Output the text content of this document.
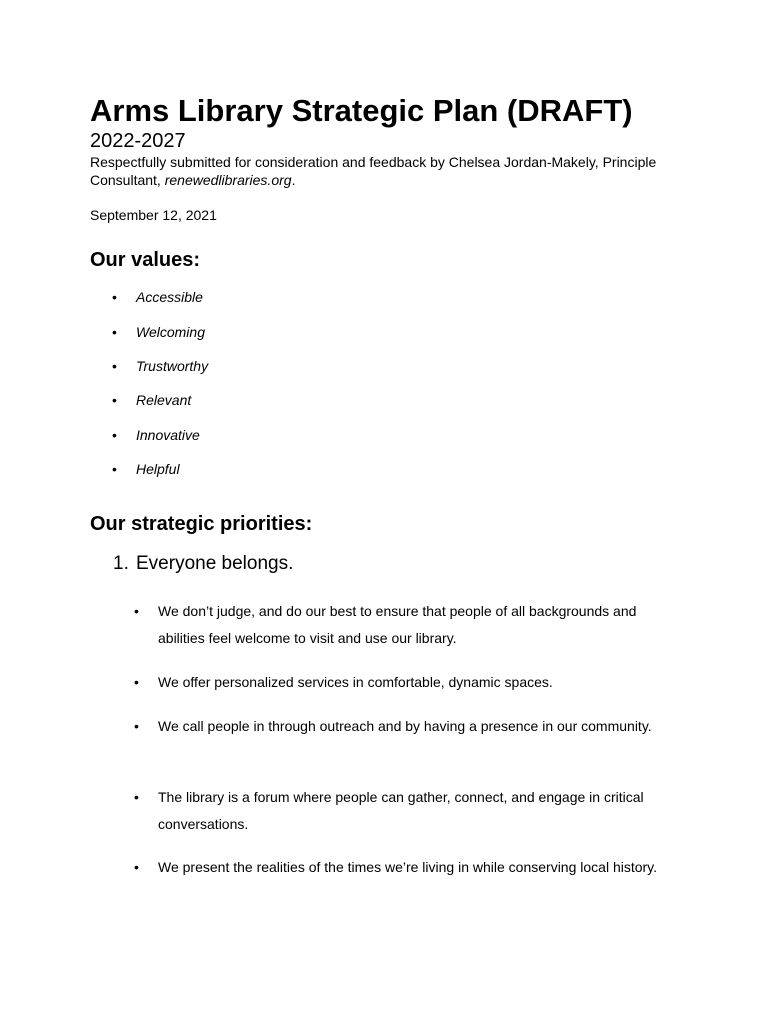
Arms Library Strategic Plan (DRAFT)
2022-2027
Respectfully submitted for consideration and feedback by Chelsea Jordan-Makely, Principle Consultant, renewedlibraries.org.
September 12, 2021
Our values:
• Accessible
• Welcoming
• Trustworthy
• Relevant
• Innovative
• Helpful
Our strategic priorities:
1. Everyone belongs.
• We don’t judge, and do our best to ensure that people of all backgrounds and abilities feel welcome to visit and use our library.
• We offer personalized services in comfortable, dynamic spaces.
• We call people in through outreach and by having a presence in our community.
• The library is a forum where people can gather, connect, and engage in critical conversations.
• We present the realities of the times we’re living in while conserving local history.
